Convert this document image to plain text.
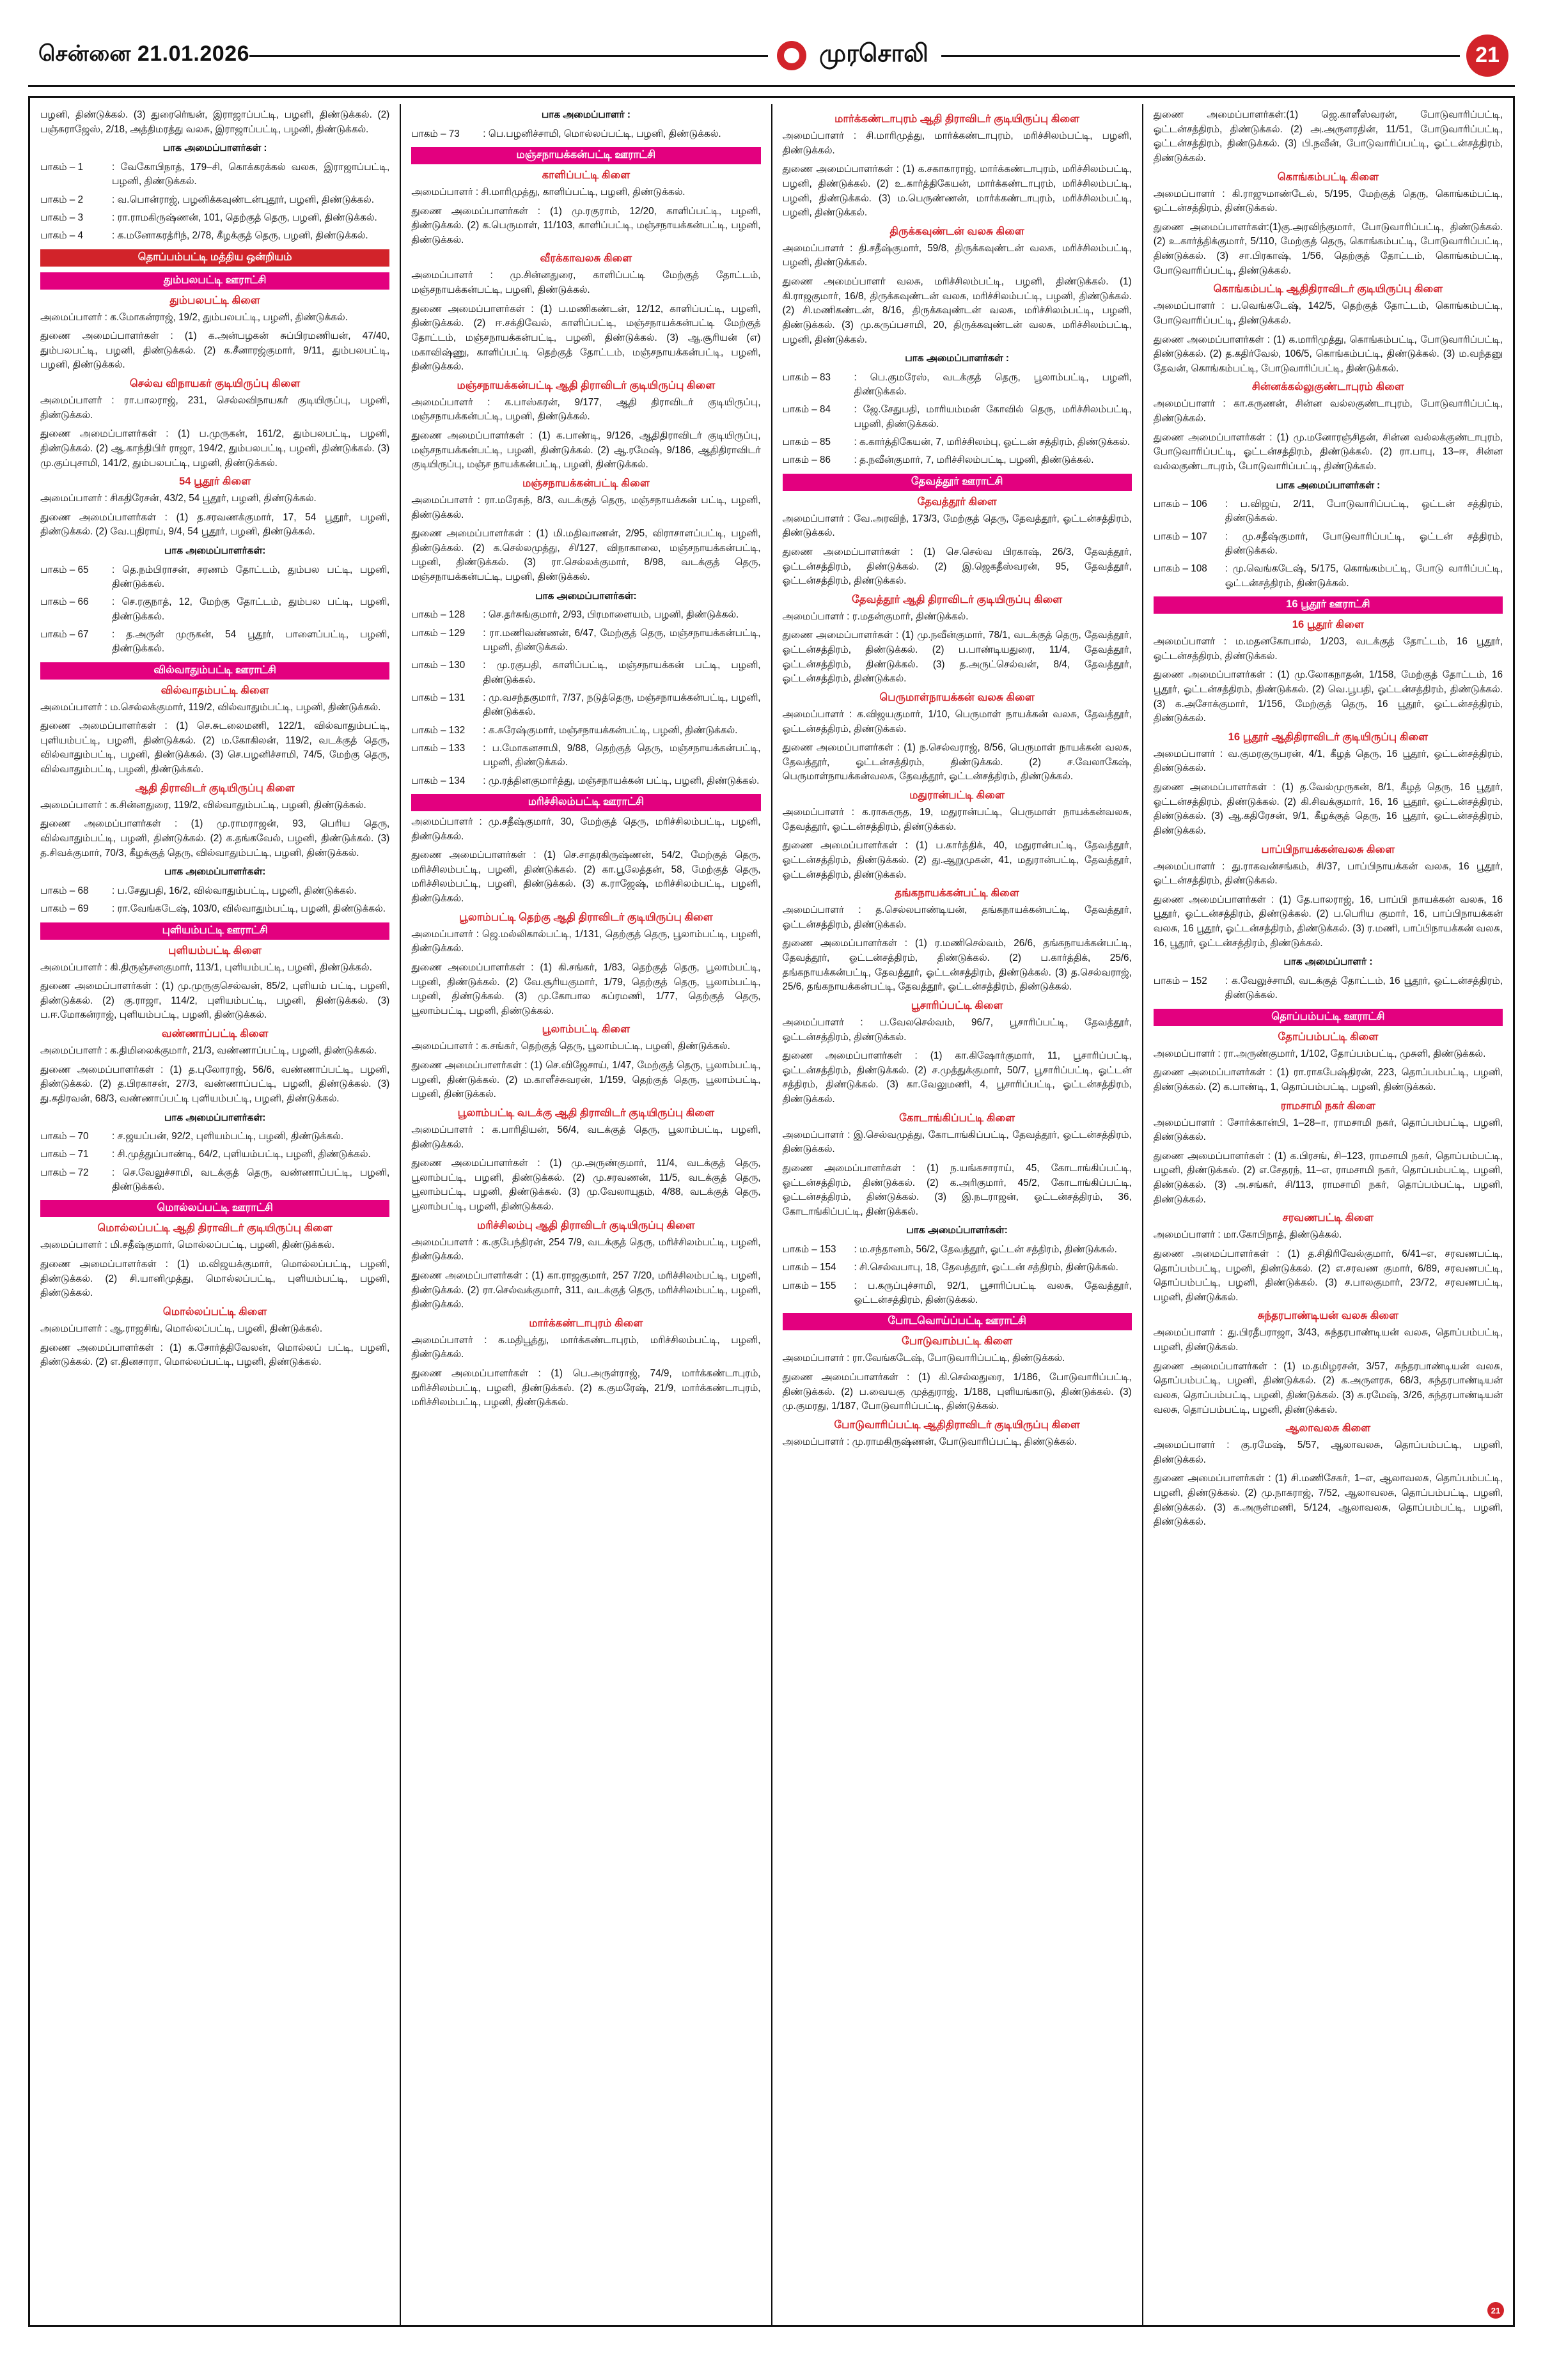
சென்னை 21.01.2026	முரசொலி	21
பழனி, திண்டுக்கல். (3) துரைரெ்ஙன், இராஜாப்பட்டி, பழனி, திண்டுக்கல். (2) பஞ்சுராஜேஸ், 2/18, அத்திமரத்து வலசு, இராஜாப்பட்டி, பழனி, திண்டுக்கல்.
பாக அமைப்பாளர்கள் :
பாகம் – 1	: வேகோபிநாத், 179–சி, கொக்கரக்கல் வலசு, இராஜாப்பட்டி, பழனி, திண்டுக்கல்.
பாகம் – 2	: வ.பொன்ராஜ், பழனிக்கவுண்டன்புதூர், பழனி, திண்டுக்கல்.
பாகம் – 3	: ரா.ராமகிருஷ்ணன், 101, தெற்குத் தெரு, பழனி, திண்டுக்கல்.
பாகம் – 4	: க.மனோகரத்ரிந், 2/78, கீழக்குத் தெரு, பழனி, திண்டுக்கல்.
தொப்பம்பட்டி மத்திய ஒன்றியம்
தும்பலபட்டி ஊராட்சி
தும்பலபட்டி கிளை
அமைப்பாளர் : க.மோகன்ராஜ், 19/2, தும்பலபட்டி, பழனி, திண்டுக்கல்.
துணை அமைப்பாளர்கள் : (1) க.அன்பழகன் சுப்பிரமணியன், 47/40, தும்பலபட்டி, பழனி, திண்டுக்கல். (2) க.சீனாரஜ்குமார், 9/11, தும்பலபட்டி, பழனி, திண்டுக்கல்.
செல்வ விநாயகர் குடியிருப்பு கிளை
அமைப்பாளர் : ரா.பாலராஜ், 231, செல்லவிநாயகர் குடியிருப்பு, பழனி, திண்டுக்கல்.
துணை அமைப்பாளர்கள் : (1) ப.முருகன், 161/2, தும்பலபட்டி, பழனி, திண்டுக்கல். (2) ஆ.காந்திபிர் ராஜா, 194/2, தும்பலபட்டி, பழனி, திண்டுக்கல். (3) மு.குப்புசாமி, 141/2, தும்பலபட்டி, பழனி, திண்டுக்கல்.
54 பூதூர் கிளை
அமைப்பாளர் : சிகதிரேசன், 43/2, 54 பூதூர், பழனி, திண்டுக்கல்.
துணை அமைப்பாளர்கள் : (1) த.சரவணக்குமார், 17, 54 பூதூர், பழனி, திண்டுக்கல். (2) வே.புதிராய், 9/4, 54 பூதூர், பழனி, திண்டுக்கல்.
பாக அமைப்பாளர்கள்:
பாகம் – 65	: தெ.நம்பிராசன், சரணம் தோட்டம், தும்பல பட்டி, பழனி, திண்டுக்கல்.
பாகம் – 66	: செ.ரகுநாத், 12, மேற்கு தோட்டம், தும்பல பட்டி, பழனி, திண்டுக்கல்.
பாகம் – 67	: த.அருள் முருகன், 54 பூதூர், பாளைப்பட்டி, பழனி, திண்டுக்கல்.
வில்வாதும்பட்டி ஊராட்சி
வில்வாதம்பட்டி கிளை
அமைப்பாளர் : ம.செல்லக்குமார், 119/2, வில்வாதும்பட்டி, பழனி, திண்டுக்கல்.
துணை அமைப்பாளர்கள் : (1) செ.சுடலைமணி, 122/1, வில்வாதும்பட்டி, புளியம்பட்டி, பழனி, திண்டுக்கல். (2) ம.கோகிலன், 119/2, வடக்குத் தெரு, வில்வாதும்பட்டி, பழனி, திண்டுக்கல். (3) செ.பழனிச்சாமி, 74/5, மேற்கு தெரு, வில்வாதும்பட்டி, பழனி, திண்டுக்கல்.
ஆதி திராவிடர் குடியிருப்பு கிளை
அமைப்பாளர் : க.சின்னதுரை, 119/2, வில்வாதும்பட்டி, பழனி, திண்டுக்கல்.
துணை அமைப்பாளர்கள் : (1) மு.ராமராஜன், 93, பெரிய தெரு, வில்வாதும்பட்டி, பழனி, திண்டுக்கல். (2) க.தங்கவேல், பழனி, திண்டுக்கல். (3) த.சிவக்குமார், 70/3, கீழக்குத் தெரு, வில்வாதும்பட்டி, பழனி, திண்டுக்கல்.
பாக அமைப்பாளர்கள்:
பாகம் – 68	: ப.சேதுபதி, 16/2, வில்வாதும்பட்டி, பழனி, திண்டுக்கல்.
பாகம் – 69	: ரா.வேங்கடேஷ், 103/0, வில்வாதும்பட்டி, பழனி, திண்டுக்கல்.
புளியம்பட்டி ஊராட்சி
புளியம்பட்டி கிளை
அமைப்பாளர் : கி.திருஞ்சனகுமார், 113/1, புளியம்பட்டி, பழனி, திண்டுக்கல்.
துணை அமைப்பாளர்கள் : (1) மு.முருகுசெல்வன், 85/2, புளியம் பட்டி, பழனி, திண்டுக்கல். (2) கு.ராஜா, 114/2, புளியம்பட்டி, பழனி, திண்டுக்கல். (3) ப.ஈ.மோகன்ராஜ், புளியம்பட்டி, பழனி, திண்டுக்கல்.
வண்ணாப்பட்டி கிளை
அமைப்பாளர் : க.திமிலைக்குமார், 21/3, வண்ணாப்பட்டி, பழனி, திண்டுக்கல்.
துணை அமைப்பாளர்கள் : (1) த.புலோராஜ், 56/6, வண்ணாப்பட்டி, பழனி, திண்டுக்கல். (2) த.பிரகாசன், 27/3, வண்ணாப்பட்டி, பழனி, திண்டுக்கல். (3) து.கதிரவன், 68/3, வண்ணாப்பட்டி புளியம்பட்டி, பழனி, திண்டுக்கல்.
பாக அமைப்பாளர்கள்:
பாகம் – 70	: ச.ஜயப்பன், 92/2, புளியம்பட்டி, பழனி, திண்டுக்கல்.
பாகம் – 71	: சி.முத்துப்பாண்டி, 64/2, புளியம்பட்டி, பழனி, திண்டுக்கல்.
பாகம் – 72	: செ.வேலுச்சாமி, வடக்குத் தெரு, வண்ணாப்பட்டி, பழனி, திண்டுக்கல்.
மொல்லப்பட்டி ஊராட்சி
மொல்லப்பட்டி ஆதி திராவிடர் குடியிருப்பு கிளை
அமைப்பாளர் : மி.சதீஷ்குமார், மொல்லப்பட்டி, பழனி, திண்டுக்கல்.
துணை அமைப்பாளர்கள் : (1) ம.விஜயக்குமார், மொல்லப்பட்டி, பழனி, திண்டுக்கல். (2) சி.யானிமுத்து, மொல்லப்பட்டி, புளியம்பட்டி, பழனி, திண்டுக்கல்.
மொல்லப்பட்டி கிளை
அமைப்பாளர் : ஆ.ராஜசிங், மொல்லப்பட்டி, பழனி, திண்டுக்கல்.
துணை அமைப்பாளர்கள் : (1) க.சோர்த்திவேலன், மொல்லப் பட்டி, பழனி, திண்டுக்கல். (2) எ.தினசாரா, மொல்லப்பட்டி, பழனி, திண்டுக்கல்.
பாக அமைப்பாளர் :
பாகம் – 73	: பெ.பழனிச்சாமி, மொல்லப்பட்டி, பழனி, திண்டுக்கல்.
மஞ்சநாயக்கன்பட்டி ஊராட்சி
காளிப்பட்டி கிளை
அமைப்பாளர் : சி.மாரிமுத்து, காளிப்பட்டி, பழனி, திண்டுக்கல்.
துணை அமைப்பாளர்கள் : (1) மு.ரகுராம், 12/20, காளிப்பட்டி, பழனி, திண்டுக்கல். (2) க.பெருமாள், 11/103, காளிப்பட்டி, மஞ்சநாயக்கன்பட்டி, பழனி, திண்டுக்கல்.
வீரக்காவலசு கிளை
அமைப்பாளர் : மு.சின்னதுரை, காளிப்பட்டி மேற்குத் தோட்டம், மஞ்சநாயக்கன்பட்டி, பழனி, திண்டுக்கல்.
துணை அமைப்பாளர்கள் : (1) ப.மணிகண்டன், 12/12, காளிப்பட்டி, பழனி, திண்டுக்கல். (2) ஈ.சக்திவேல், காளிப்பட்டி, மஞ்சநாயக்கன்பட்டி மேற்குத் தோட்டம், மஞ்சநாயக்கன்பட்டி, பழனி, திண்டுக்கல். (3) ஆ.சூரியன் (எ) மகாவிஷ்ணு, காளிப்பட்டி தெற்குத் தோட்டம், மஞ்சநாயக்கன்பட்டி, பழனி, திண்டுக்கல்.
மஞ்சநாயக்கன்பட்டி ஆதி திராவிடர் குடியிருப்பு கிளை
அமைப்பாளர் : க.பாஸ்கரன், 9/177, ஆதி திராவிடர் குடியிருப்பு, மஞ்சநாயக்கன்பட்டி, பழனி, திண்டுக்கல்.
துணை அமைப்பாளர்கள் : (1) க.பாண்டி, 9/126, ஆதிதிராவிடர் குடியிருப்பு, மஞ்சநாயக்கன்பட்டி, பழனி, திண்டுக்கல். (2) ஆ.ரமேஷ், 9/186, ஆதிதிராவிடர் குடியிருப்பு, மஞ்ச நாயக்கன்பட்டி, பழனி, திண்டுக்கல்.
மஞ்சநாயக்கன்பட்டி கிளை
அமைப்பாளர் : ரா.மரேகந், 8/3, வடக்குத் தெரு, மஞ்சநாயக்கன் பட்டி, பழனி, திண்டுக்கல்.
துணை அமைப்பாளர்கள் : (1) மி.மதிவாணன், 2/95, விராசாளப்பட்டி, பழனி, திண்டுக்கல். (2) க.செல்லமுத்து, சி/127, விநாகாலை, மஞ்சநாயக்கன்பட்டி, பழனி, திண்டுக்கல். (3) ரா.செல்லக்குமார், 8/98, வடக்குத் தெரு, மஞ்சநாயக்கன்பட்டி, பழனி, திண்டுக்கல்.
பாக அமைப்பாளர்கள்:
பாகம் – 128	: செ.தர்சுங்குமார், 2/93, பிரமாளையம், பழனி, திண்டுக்கல்.
பாகம் – 129	: ரா.மணிவண்ணன், 6/47, மேற்குத் தெரு, மஞ்சநாயக்கன்பட்டி, பழனி, திண்டுக்கல்.
பாகம் – 130	: மு.ரகுபதி, காளிப்பட்டி, மஞ்சநாயக்கன் பட்டி, பழனி, திண்டுக்கல்.
பாகம் – 131	: மு.வசந்தகுமார், 7/37, நடுத்தெரு, மஞ்சநாயக்கன்பட்டி, பழனி, திண்டுக்கல்.
பாகம் – 132	: க.சுரேஷ்குமார், மஞ்சநாயக்கன்பட்டி, பழனி, திண்டுக்கல்.
பாகம் – 133	: ப.மோகனசாமி, 9/88, தெற்குத் தெரு, மஞ்சநாயக்கன்பட்டி, பழனி, திண்டுக்கல்.
பாகம் – 134	: மு.ரத்தினகுமார்த்து, மஞ்சநாயக்கன் பட்டி, பழனி, திண்டுக்கல்.
மரிச்சிலம்பட்டி ஊராட்சி
அமைப்பாளர் : மு.சதீஷ்குமார், 30, மேற்குத் தெரு, மரிச்சிலம்பட்டி, பழனி, திண்டுக்கல்.
துணை அமைப்பாளர்கள் : (1) செ.சாதரகிருஷ்ணன், 54/2, மேற்குத் தெரு, மரிச்சிலம்பட்டி, பழனி, திண்டுக்கல். (2) கா.பூலேத்தன், 58, மேற்குத் தெரு, மரிச்சிலம்பட்டி, பழனி, திண்டுக்கல். (3) க.ராஜேஷ், மரிச்சிலம்பட்டி, பழனி, திண்டுக்கல்.
பூலாம்பட்டி தெற்கு ஆதி திராவிடர் குடியிருப்பு கிளை
அமைப்பாளர் : ஜெ.மல்லிகால்பட்டி, 1/131, தெற்குத் தெரு, பூலாம்பட்டி, பழனி, திண்டுக்கல்.
துணை அமைப்பாளர்கள் : (1) கி.சங்கர், 1/83, தெற்குத் தெரு, பூலாம்பட்டி, பழனி, திண்டுக்கல். (2) வே.சூரியகுமார், 1/79, தெற்குத் தெரு, பூலாம்பட்டி, பழனி, திண்டுக்கல். (3) மு.கோபால சுப்ரமணி, 1/77, தெற்குத் தெரு, பூலாம்பட்டி, பழனி, திண்டுக்கல்.
பூலாம்பட்டி கிளை
அமைப்பாளர் : க.சங்கர், தெற்குத் தெரு, பூலாம்பட்டி, பழனி, திண்டுக்கல்.
துணை அமைப்பாளர்கள் : (1) செ.விஜேசாய், 1/47, மேற்குத் தெரு, பூலாம்பட்டி, பழனி, திண்டுக்கல். (2) ம.காளீச்சுவரன், 1/159, தெற்குத் தெரு, பூலாம்பட்டி, பழனி, திண்டுக்கல்.
பூலாம்பட்டி வடக்கு ஆதி திராவிடர் குடியிருப்பு கிளை
அமைப்பாளர் : க.பாரிதியன், 56/4, வடக்குத் தெரு, பூலாம்பட்டி, பழனி, திண்டுக்கல்.
துணை அமைப்பாளர்கள் : (1) மு.அருண்குமார், 11/4, வடக்குத் தெரு, பூலாம்பட்டி, பழனி, திண்டுக்கல். (2) மு.சரவணன், 11/5, வடக்குத் தெரு, பூலாம்பட்டி, பழனி, திண்டுக்கல். (3) மு.வேலாயுதம், 4/88, வடக்குத் தெரு, பூலாம்பட்டி, பழனி, திண்டுக்கல்.
மரிச்சிலம்பு ஆதி திராவிடர் குடியிருப்பு கிளை
அமைப்பாளர் : க.குபேந்திரன், 254 7/9, வடக்குத் தெரு, மரிச்சிலம்பட்டி, பழனி, திண்டுக்கல்.
துணை அமைப்பாளர்கள் : (1) கா.ராஜகுமார், 257 7/20, மரிச்சிலம்பட்டி, பழனி, திண்டுக்கல். (2) ரா.செல்வக்குமார், 311, வடக்குத் தெரு, மரிச்சிலம்பட்டி, பழனி, திண்டுக்கல்.
மார்க்கண்டாபுரம் கிளை
அமைப்பாளர் : க.மதிபூத்து, மார்க்கண்டாபுரம், மரிச்சிலம்பட்டி, பழனி, திண்டுக்கல்.
துணை அமைப்பாளர்கள் : (1) பெ.அருள்ராஜ், 74/9, மார்க்கண்டாபுரம், மரிச்சிலம்பட்டி, பழனி, திண்டுக்கல். (2) க.குமரேஷ், 21/9, மார்க்கண்டாபுரம், மரிச்சிலம்பட்டி, பழனி, திண்டுக்கல்.
மார்க்கண்டாபுரம் ஆதி திராவிடர் குடியிருப்பு கிளை
அமைப்பாளர் : சி.மாரிமுத்து, மார்க்கண்டாபுரம், மரிச்சிலம்பட்டி, பழனி, திண்டுக்கல்.
துணை அமைப்பாளர்கள் : (1) க.சகாகாராஜ், மார்க்கண்டாபுரம், மரிச்சிலம்பட்டி, பழனி, திண்டுக்கல். (2) உ.கார்த்திகேயன், மார்க்கண்டாபுரம், மரிச்சிலம்பட்டி, பழனி, திண்டுக்கல். (3) ம.பெருண்ணன், மார்க்கண்டாபுரம், மரிச்சிலம்பட்டி, பழனி, திண்டுக்கல்.
திருக்கவுண்டன் வலசு கிளை
அமைப்பாளர் : தி.சதீஷ்குமார், 59/8, திருக்கவுண்டன் வலசு, மரிச்சிலம்பட்டி, பழனி, திண்டுக்கல்.
துணை அமைப்பாளர் வலசு, மரிச்சிலம்பட்டி, பழனி, திண்டுக்கல். (1) கி.ராஜகுமார், 16/8, திருக்கவுண்டன் வலசு, மரிச்சிலம்பட்டி, பழனி, திண்டுக்கல். (2) சி.மணிகண்டன், 8/16, திருக்கவுண்டன் வலசு, மரிச்சிலம்பட்டி, பழனி, திண்டுக்கல். (3) மு.கருப்பசாமி, 20, திருக்கவுண்டன் வலசு, மரிச்சிலம்பட்டி, பழனி, திண்டுக்கல்.
பாக அமைப்பாளர்கள் :
பாகம் – 83	: பெ.குமரேஸ், வடக்குத் தெரு, பூலாம்பட்டி, பழனி, திண்டுக்கல்.
பாகம் – 84	: ஜே.சேதுபதி, மாரியம்மன் கோவில் தெரு, மரிச்சிலம்பட்டி, பழனி, திண்டுக்கல்.
பாகம் – 85	: க.கார்த்திகேயன், 7, மரிச்சிலம்பு, ஓட்டன் சத்திரம், திண்டுக்கல்.
பாகம் – 86	: த.நவீன்குமார், 7, மரிச்சிலம்பட்டி, பழனி, திண்டுக்கல்.
தேவத்தூர் ஊராட்சி
தேவத்தூர் கிளை
அமைப்பாளர் : வே.அரவிந், 173/3, மேற்குத் தெரு, தேவத்தூர், ஓட்டன்சத்திரம், திண்டுக்கல்.
துணை அமைப்பாளர்கள் : (1) செ.செல்வ பிரகாஷ், 26/3, தேவத்தூர், ஓட்டன்சத்திரம், திண்டுக்கல். (2) இ.ஜெகதீஸ்வரன், 95, தேவத்தூர், ஓட்டன்சத்திரம், திண்டுக்கல்.
தேவத்தூர் ஆதி திராவிடர் குடியிருப்பு கிளை
அமைப்பாளர் : ர.மதன்குமார், திண்டுக்கல்.
துணை அமைப்பாளர்கள் : (1) மு.நவீன்குமார், 78/1, வடக்குத் தெரு, தேவத்தூர், ஓட்டன்சத்திரம், திண்டுக்கல். (2) ப.பாண்டியதுரை, 11/4, தேவத்தூர், ஓட்டன்சத்திரம், திண்டுக்கல். (3) த.அருட்செல்வன், 8/4, தேவத்தூர், ஓட்டன்சத்திரம், திண்டுக்கல்.
பெருமாள்நாயக்கன் வலசு கிளை
அமைப்பாளர் : க.விஜயகுமார், 1/10, பெருமாள் நாயக்கன் வலசு, தேவத்தூர், ஓட்டன்சத்திரம், திண்டுக்கல்.
துணை அமைப்பாளர்கள் : (1) ந.செல்வராஜ், 8/56, பெருமாள் நாயக்கன் வலசு, தேவத்தூர், ஓட்டன்சத்திரம், திண்டுக்கல். (2) ச.வேலாகேஷ், பெருமாள்நாயக்கன்வலசு, தேவத்தூர், ஓட்டன்சத்திரம், திண்டுக்கல்.
மதுரான்பட்டி கிளை
அமைப்பாளர் : க.ராசுகருத, 19, மதுரான்பட்டி, பெருமாள் நாயக்கன்வலசு, தேவத்தூர், ஓட்டன்சத்திரம், திண்டுக்கல்.
துணை அமைப்பாளர்கள் : (1) ப.கார்த்திக், 40, மதுரான்பட்டி, தேவத்தூர், ஓட்டன்சத்திரம், திண்டுக்கல். (2) து.ஆறுமுகன், 41, மதுரான்பட்டி, தேவத்தூர், ஓட்டன்சத்திரம், திண்டுக்கல்.
தங்கநாயக்கன்பட்டி கிளை
அமைப்பாளர் : த.செல்லபாண்டியன், தங்கநாயக்கன்பட்டி, தேவத்தூர், ஓட்டன்சத்திரம், திண்டுக்கல்.
துணை அமைப்பாளர்கள் : (1) ர.மணிசெல்வம், 26/6, தங்கநாயக்கன்பட்டி, தேவத்தூர், ஓட்டன்சத்திரம், திண்டுக்கல். (2) ப.கார்த்திக், 25/6, தங்கநாயக்கன்பட்டி, தேவத்தூர், ஓட்டன்சத்திரம், திண்டுக்கல். (3) த.செல்வராஜ், 25/6, தங்கநாயக்கன்பட்டி, தேவத்தூர், ஓட்டன்சத்திரம், திண்டுக்கல்.
பூசாரிப்பட்டி கிளை
அமைப்பாளர் : ப.வேலசெல்வம், 96/7, பூசாரிப்பட்டி, தேவத்தூர், ஓட்டன்சத்திரம், திண்டுக்கல்.
துணை அமைப்பாளர்கள் : (1) கா.கிஷோர்குமார், 11, பூசாரிப்பட்டி, ஓட்டன்சத்திரம், திண்டுக்கல். (2) ச.முத்துக்குமார், 50/7, பூசாரிப்பட்டி, ஓட்டன் சத்திரம், திண்டுக்கல். (3) கா.வேலுமணி, 4, பூசாரிப்பட்டி, ஓட்டன்சத்திரம், திண்டுக்கல்.
கோடாங்கிப்பட்டி கிளை
அமைப்பாளர் : இ.செல்வமுத்து, கோடாங்கிப்பட்டி, தேவத்தூர், ஓட்டன்சத்திரம், திண்டுக்கல்.
துணை அமைப்பாளர்கள் : (1) ந.யங்கசாராய், 45, கோடாங்கிப்பட்டி, ஓட்டன்சத்திரம், திண்டுக்கல். (2) க.அரிகுமார், 45/2, கோடாங்கிப்பட்டி, ஓட்டன்சத்திரம், திண்டுக்கல். (3) இ.நடராஜன், ஓட்டன்சத்திரம், 36, கோடாங்கிப்பட்டி, திண்டுக்கல்.
பாக அமைப்பாளர்கள்:
பாகம் – 153	: ம.சந்தானம், 56/2, தேவத்தூர், ஓட்டன் சத்திரம், திண்டுக்கல்.
பாகம் – 154	: சி.செல்வபாபு, 18, தேவத்தூர், ஓட்டன் சத்திரம், திண்டுக்கல்.
பாகம் – 155	: ப.கருப்புச்சாமி, 92/1, பூசாரிப்பட்டி வலசு, தேவத்தூர், ஓட்டன்சத்திரம், திண்டுக்கல்.
போடவொய்ப்பட்டி ஊராட்சி
போடுவாம்பட்டி கிளை
அமைப்பாளர் : ரா.வேங்கடேஷ், போடுவாரிப்பட்டி, திண்டுக்கல்.
துணை அமைப்பாளர்கள் : (1) கி.செல்லதுரை, 1/186, போடுவாரிப்பட்டி, திண்டுக்கல். (2) ப.வையகு முத்துராஜ், 1/188, புளியங்காடு, திண்டுக்கல். (3) மு.குமரது, 1/187, போடுவாரிப்பட்டி, திண்டுக்கல்.
போடுவாரிப்பட்டி ஆதிதிராவிடர் குடியிருப்பு கிளை
அமைப்பாளர் : மு.ராமகிருஷ்ணன், போடுவாரிப்பட்டி, திண்டுக்கல்.
துணை அமைப்பாளர்கள்:(1) ஜெ.காளீஸ்வரன், போடுவாரிப்பட்டி, ஓட்டன்சத்திரம், திண்டுக்கல். (2) அ.அருளரதின், 11/51, போடுவாரிப்பட்டி, ஓட்டன்சத்திரம், திண்டுக்கல். (3) பி.நவீன், போடுவாரிப்பட்டி, ஓட்டன்சத்திரம், திண்டுக்கல்.
கொங்கம்பட்டி கிளை
அமைப்பாளர் : கி.ராஜுமாண்டேல், 5/195, மேற்குத் தெரு, கொங்கம்பட்டி, ஓட்டன்சத்திரம், திண்டுக்கல்.
துணை அமைப்பாளர்கள்:(1)கு.அரவிந்குமார், போடுவாரிப்பட்டி, திண்டுக்கல். (2) உ.கார்த்திக்குமார், 5/110, மேற்குத் தெரு, கொங்கம்பட்டி, போடுவாரிப்பட்டி, திண்டுக்கல். (3) சா.பிரகாஷ், 1/56, தெற்குத் தோட்டம், கொங்கம்பட்டி, போடுவாரிப்பட்டி, திண்டுக்கல்.
கொங்கம்பட்டி ஆதிதிராவிடர் குடியிருப்பு கிளை
அமைப்பாளர் : ப.வெங்கடேஷ், 142/5, தெற்குத் தோட்டம், கொங்கம்பட்டி, போடுவாரிப்பட்டி, திண்டுக்கல்.
துணை அமைப்பாளர்கள் : (1) க.மாரிமுத்து, கொங்கம்பட்டி, போடுவாரிப்பட்டி, திண்டுக்கல். (2) த.கதிர்வேல், 106/5, கொங்கம்பட்டி, திண்டுக்கல். (3) ம.வந்தனு தேவன், கொங்கம்பட்டி, போடுவாரிப்பட்டி, திண்டுக்கல்.
சின்னக்கல்லுகுண்டாபுரம் கிளை
அமைப்பாளர் : கா.கருணன், சின்ன வல்லகுண்டாபுரம், போடுவாரிப்பட்டி, திண்டுக்கல்.
துணை அமைப்பாளர்கள் : (1) மு.மனோரஞ்சிதன், சின்ன வல்லக்குண்டாபுரம், போடுவாரிப்பட்டி, ஓட்டன்சத்திரம், திண்டுக்கல். (2) ரா.பாபு, 13–ஈ, சின்ன வல்லகுண்டாபுரம், போடுவாரிப்பட்டி, திண்டுக்கல்.
பாக அமைப்பாளர்கள் :
பாகம் – 106	: ப.விஜய், 2/11, போடுவாரிப்பட்டி, ஓட்டன் சத்திரம், திண்டுக்கல்.
பாகம் – 107	: மு.சதீஷ்குமார், போடுவாரிப்பட்டி, ஓட்டன் சத்திரம், திண்டுக்கல்.
பாகம் – 108	: மு.வெங்கடேஷ், 5/175, கொங்கம்பட்டி, போடு வாரிப்பட்டி, ஓட்டன்சத்திரம், திண்டுக்கல்.
16 பூதூர் ஊராட்சி
16 பூதூர் கிளை
அமைப்பாளர் : ம.மதனகோபால், 1/203, வடக்குத் தோட்டம், 16 பூதூர், ஓட்டன்சத்திரம், திண்டுக்கல்.
துணை அமைப்பாளர்கள் : (1) மு.லோகநாதன், 1/158, மேற்குத் தோட்டம், 16 பூதூர், ஓட்டன்சத்திரம், திண்டுக்கல். (2) வெ.பூபதி, ஓட்டன்சத்திரம், திண்டுக்கல். (3) க.அசோக்குமார், 1/156, மேற்குத் தெரு, 16 பூதூர், ஓட்டன்சத்திரம், திண்டுக்கல்.
16 பூதூர் ஆதிதிராவிடர் குடியிருப்பு கிளை
அமைப்பாளர் : வ.குமரகுருபரன், 4/1, கீழத் தெரு, 16 பூதூர், ஓட்டன்சத்திரம், திண்டுக்கல்.
துணை அமைப்பாளர்கள் : (1) த.வேல்முருகன், 8/1, கீழத் தெரு, 16 பூதூர், ஓட்டன்சத்திரம், திண்டுக்கல். (2) கி.சிவக்குமார், 16, 16 பூதூர், ஓட்டன்சத்திரம், திண்டுக்கல். (3) ஆ.கதிரேசன், 9/1, கீழக்குத் தெரு, 16 பூதூர், ஓட்டன்சத்திரம், திண்டுக்கல்.
பாப்பிநாயக்கன்வலசு கிளை
அமைப்பாளர் : து.ராகவன்சங்கம், சி/37, பாப்பிநாயக்கன் வலசு, 16 பூதூர், ஓட்டன்சத்திரம், திண்டுக்கல்.
துணை அமைப்பாளர்கள் : (1) தே.பாலராஜ், 16, பாப்பி நாயக்கன் வலசு, 16 பூதூர், ஓட்டன்சத்திரம், திண்டுக்கல். (2) ப.பெரிய குமார், 16, பாப்பிநாயக்கன் வலசு, 16 பூதூர், ஓட்டன்சத்திரம், திண்டுக்கல். (3) ர.மணி, பாப்பிநாயக்கன் வலசு, 16, பூதூர், ஓட்டன்சத்திரம், திண்டுக்கல்.
பாக அமைப்பாளர் :
பாகம் – 152	: க.வேலுச்சாமி, வடக்குத் தோட்டம், 16 பூதூர், ஓட்டன்சத்திரம், திண்டுக்கல்.
தொப்பம்பட்டி ஊராட்சி
தோப்பம்பட்டி கிளை
அமைப்பாளர் : ரா.அருண்குமார், 1/102, தோப்பம்பட்டி, முசுளி, திண்டுக்கல்.
துணை அமைப்பாளர்கள் : (1) ரா.ராகபேஷ்திரன், 223, தொப்பம்பட்டி, பழனி, திண்டுக்கல். (2) க.பாண்டி, 1, தொப்பம்பட்டி, பழனி, திண்டுக்கல்.
ராமசாமி நகர் கிளை
அமைப்பாளர் : சோர்க்கான்பி, 1–28–ா, ராமசாமி நகர், தொப்பம்பட்டி, பழனி, திண்டுக்கல்.
துணை அமைப்பாளர்கள் : (1) க.பிரசங், சி–123, ராமசாமி நகர், தொப்பம்பட்டி, பழனி, திண்டுக்கல். (2) எ.சேதரந், 11–எ, ராமசாமி நகர், தொப்பம்பட்டி, பழனி, திண்டுக்கல். (3) அ.சங்கர், சி/113, ராமசாமி நகர், தொப்பம்பட்டி, பழனி, திண்டுக்கல்.
சரவணபட்டி கிளை
அமைப்பாளர் : மா.கோபிநாத், திண்டுக்கல்.
துணை அமைப்பாளர்கள் : (1) த.சிதிரிவேல்குமார், 6/41–எ, சரவணபட்டி, தொப்பம்பட்டி, பழனி, திண்டுக்கல். (2) எ.சரவண குமார், 6/89, சரவணபட்டி, தொப்பம்பட்டி, பழனி, திண்டுக்கல். (3) ச.பாலகுமார், 23/72, சரவணபட்டி, பழனி, திண்டுக்கல்.
சுந்தரபாண்டியன் வலசு கிளை
அமைப்பாளர் : து.பிரதீபராஜா, 3/43, சுந்தரபாண்டியன் வலசு, தொப்பம்பட்டி, பழனி, திண்டுக்கல்.
துணை அமைப்பாளர்கள் : (1) ம.தமிழரசன், 3/57, சுந்தரபாண்டியன் வலசு, தொப்பம்பட்டி, பழனி, திண்டுக்கல். (2) க.அருளரசு, 68/3, சுந்தரபாண்டியன் வலசு, தொப்பம்பட்டி, பழனி, திண்டுக்கல். (3) சு.ரமேஷ், 3/26, சுந்தரபாண்டியன் வலசு, தொப்பம்பட்டி, பழனி, திண்டுக்கல்.
ஆலாவலசு கிளை
அமைப்பாளர் : கு.ரமேஷ், 5/57, ஆலாவலசு, தொப்பம்பட்டி, பழனி, திண்டுக்கல்.
துணை அமைப்பாளர்கள் : (1) சி.மணிசேகர், 1–எ, ஆலாவலசு, தொப்பம்பட்டி, பழனி, திண்டுக்கல். (2) மு.நாகராஜ், 7/52, ஆலாவலசு, தொப்பம்பட்டி, பழனி, திண்டுக்கல். (3) க.அருள்மணி, 5/124, ஆலாவலசு, தொப்பம்பட்டி, பழனி, திண்டுக்கல்.
21
